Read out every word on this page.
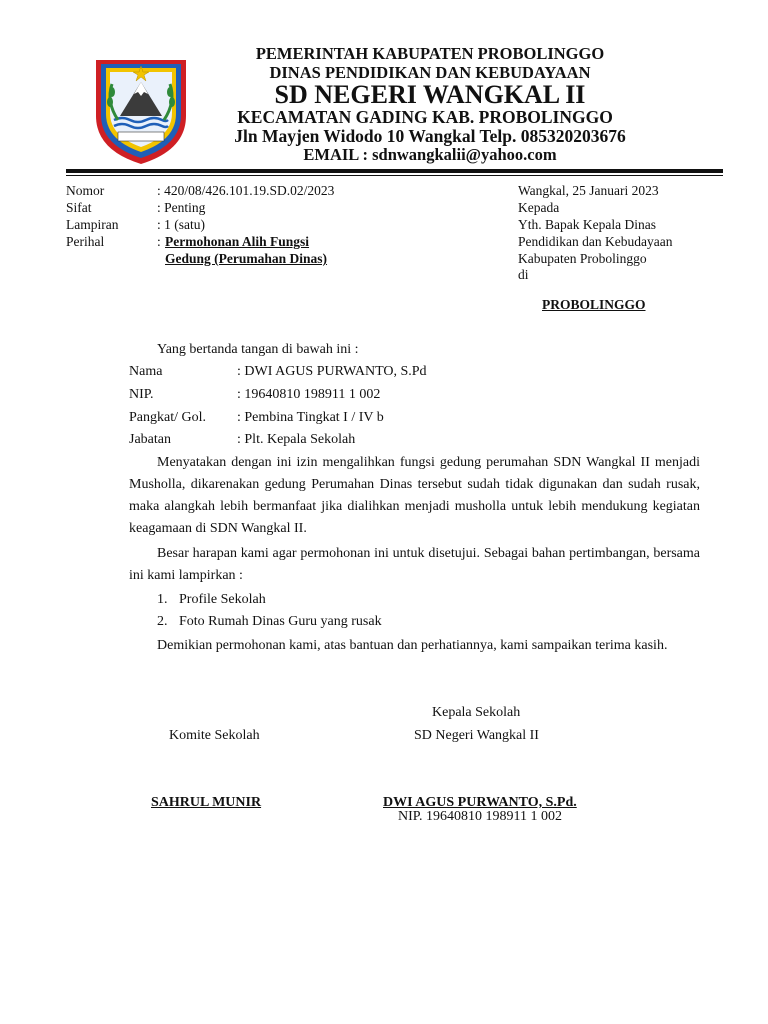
PEMERINTAH KABUPATEN PROBOLINGGO
DINAS PENDIDIKAN DAN KEBUDAYAAN
SD NEGERI WANGKAL II
KECAMATAN GADING KAB. PROBOLINGGO
Jln Mayjen Widodo 10 Wangkal Telp. 085320203676
EMAIL : sdnwangkalii@yahoo.com
Nomor	: 420/08/426.101.19.SD.02/2023
Sifat	: Penting
Lampiran	: 1 (satu)
Perihal	: Permohonan Alih Fungsi
Gedung (Perumahan Dinas)
Wangkal, 25 Januari 2023
Kepada
Yth. Bapak Kepala Dinas
Pendidikan dan Kebudayaan
Kabupaten Probolinggo
di
PROBOLINGGO
Yang bertanda tangan di bawah ini :
Nama	: DWI AGUS PURWANTO, S.Pd
NIP.	: 19640810 198911 1 002
Pangkat/ Gol. : Pembina Tingkat I / IV b
Jabatan	: Plt. Kepala Sekolah
Menyatakan dengan ini izin mengalihkan fungsi gedung perumahan SDN Wangkal II menjadi Musholla, dikarenakan gedung Perumahan Dinas tersebut sudah tidak digunakan dan sudah rusak, maka alangkah lebih bermanfaat jika dialihkan menjadi musholla untuk lebih mendukung kegiatan keagamaan di SDN Wangkal II.
Besar harapan kami agar permohonan ini untuk disetujui. Sebagai bahan pertimbangan, bersama ini kami lampirkan :
1. Profile Sekolah
2. Foto Rumah Dinas Guru yang rusak
Demikian permohonan kami, atas bantuan dan perhatiannya, kami sampaikan terima kasih.
Kepala Sekolah
SD Negeri Wangkal II
Komite Sekolah
SAHRUL MUNIR	DWI AGUS PURWANTO, S.Pd.
NIP. 19640810 198911 1 002
